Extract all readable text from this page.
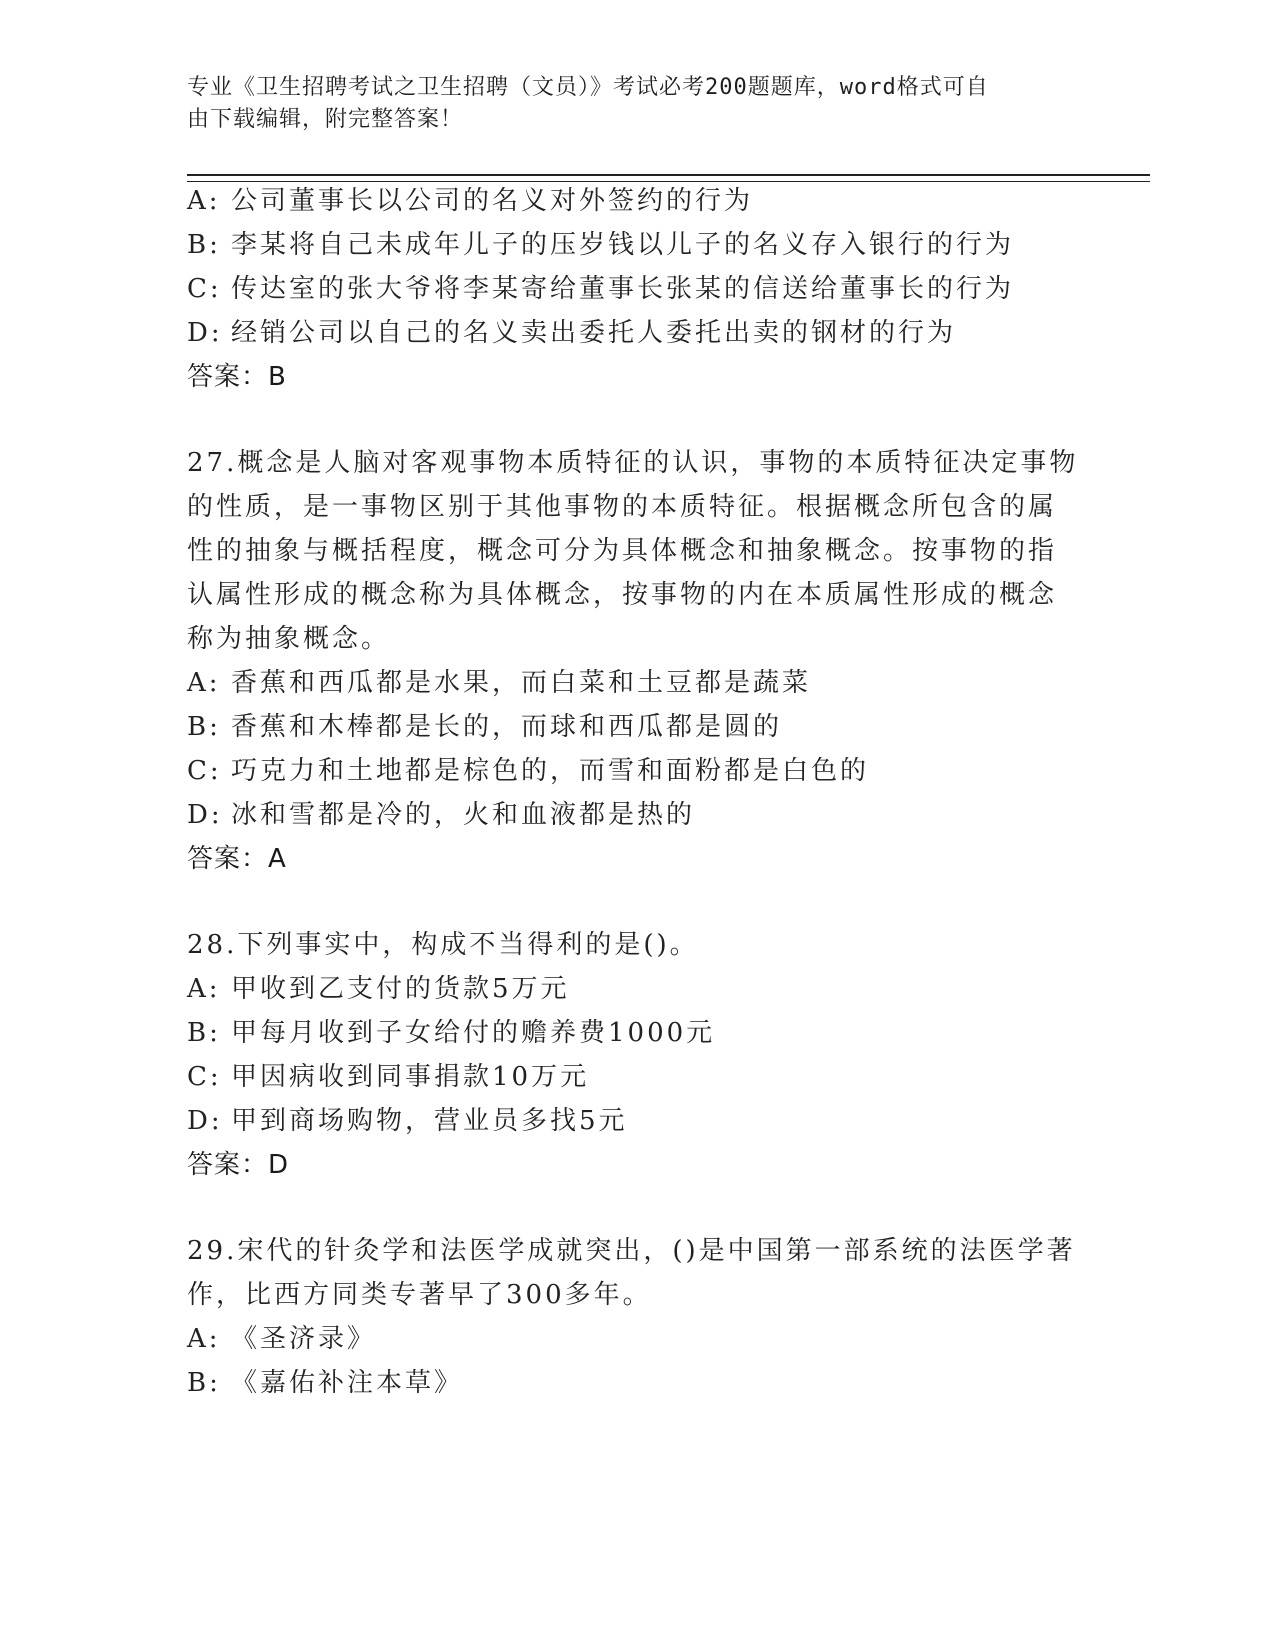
专业《卫生招聘考试之卫生招聘（文员）》考试必考200题题库，word格式可自
由下载编辑，附完整答案！
A: 公司董事长以公司的名义对外签约的行为
B: 李某将自己未成年儿子的压岁钱以儿子的名义存入银行的行为
C: 传达室的张大爷将李某寄给董事长张某的信送给董事长的行为
D: 经销公司以自己的名义卖出委托人委托出卖的钢材的行为
答案：B
27.概念是人脑对客观事物本质特征的认识，事物的本质特征决定事物
的性质，是一事物区别于其他事物的本质特征。根据概念所包含的属
性的抽象与概括程度，概念可分为具体概念和抽象概念。按事物的指
认属性形成的概念称为具体概念，按事物的内在本质属性形成的概念
称为抽象概念。
A: 香蕉和西瓜都是水果，而白菜和土豆都是蔬菜
B: 香蕉和木棒都是长的，而球和西瓜都是圆的
C: 巧克力和土地都是棕色的，而雪和面粉都是白色的
D: 冰和雪都是冷的，火和血液都是热的
答案：A
28.下列事实中，构成不当得利的是()。
A: 甲收到乙支付的货款5万元
B: 甲每月收到子女给付的赡养费1000元
C: 甲因病收到同事捐款10万元
D: 甲到商场购物，营业员多找5元
答案：D
29.宋代的针灸学和法医学成就突出，()是中国第一部系统的法医学著
作，比西方同类专著早了300多年。
A: 《圣济录》
B: 《嘉佑补注本草》
